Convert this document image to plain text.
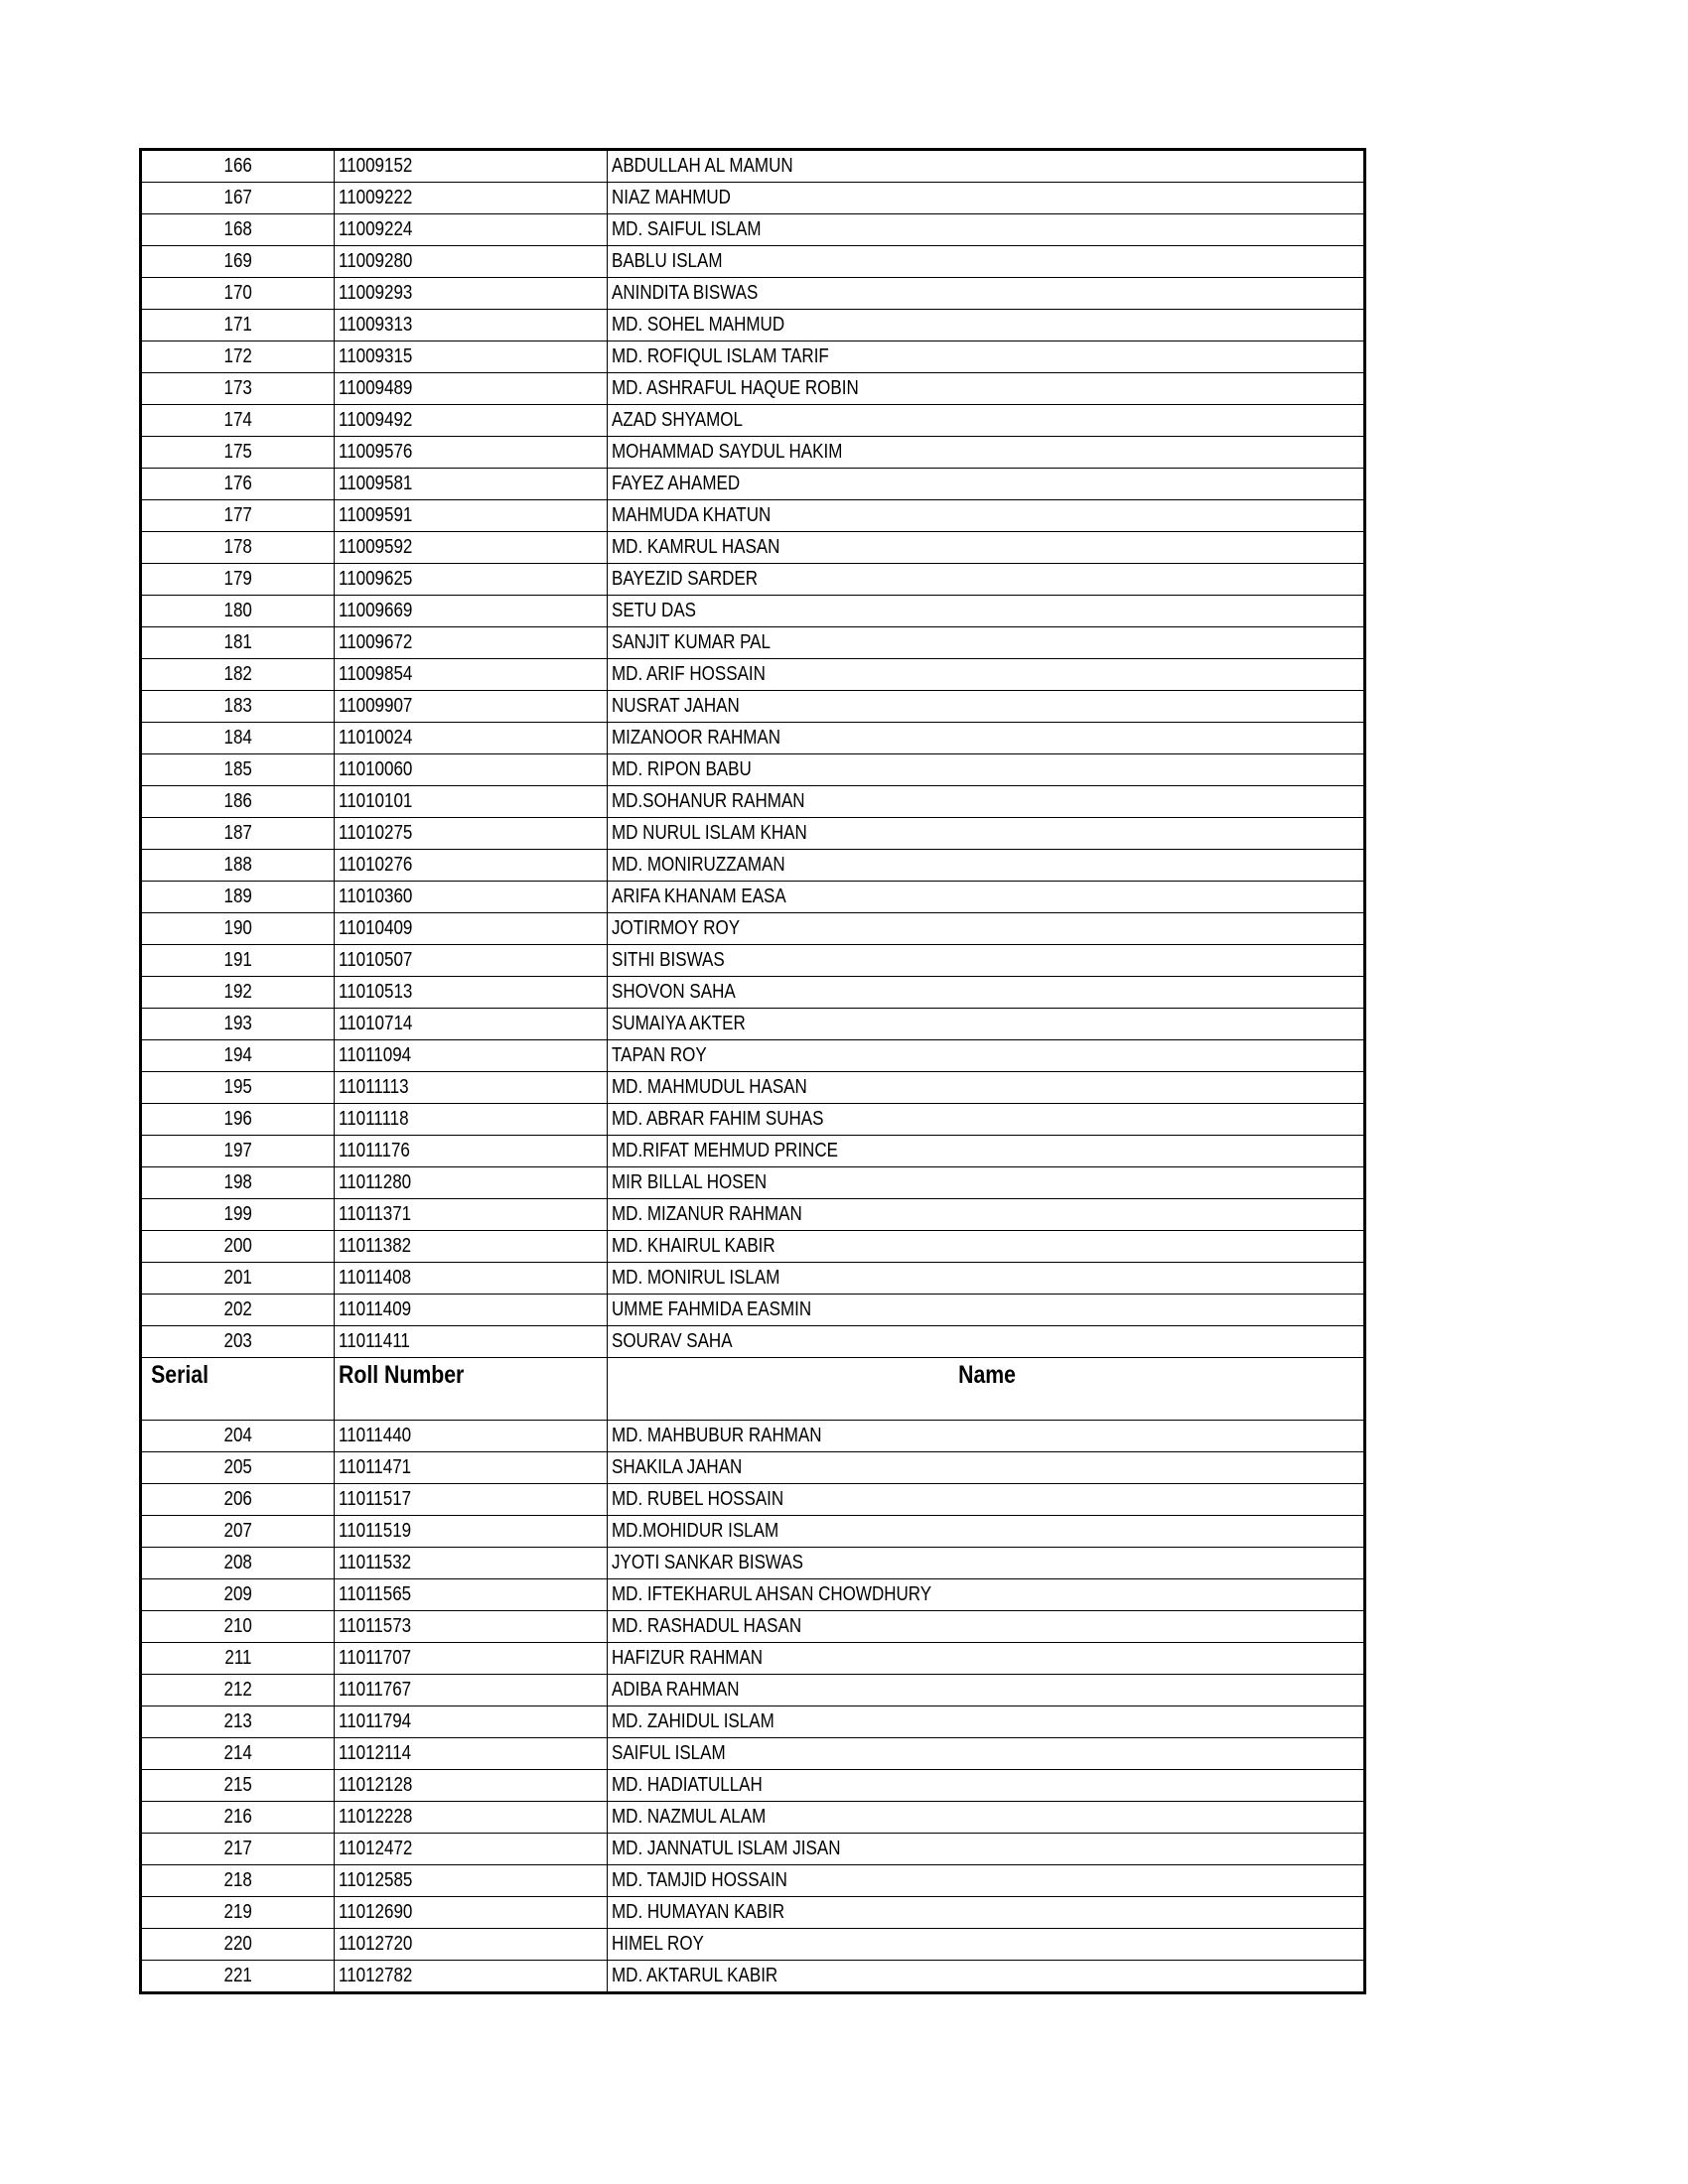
166	11009152	ABDULLAH AL MAMUN
167	11009222	NIAZ MAHMUD
168	11009224	MD. SAIFUL ISLAM
169	11009280	BABLU ISLAM
170	11009293	ANINDITA BISWAS
171	11009313	MD. SOHEL MAHMUD
172	11009315	MD. ROFIQUL ISLAM TARIF
173	11009489	MD. ASHRAFUL HAQUE ROBIN
174	11009492	AZAD SHYAMOL
175	11009576	MOHAMMAD SAYDUL HAKIM
176	11009581	FAYEZ AHAMED
177	11009591	MAHMUDA KHATUN
178	11009592	MD. KAMRUL HASAN
179	11009625	BAYEZID SARDER
180	11009669	SETU DAS
181	11009672	SANJIT KUMAR PAL
182	11009854	MD. ARIF HOSSAIN
183	11009907	NUSRAT JAHAN
184	11010024	MIZANOOR RAHMAN
185	11010060	MD. RIPON BABU
186	11010101	MD.SOHANUR RAHMAN
187	11010275	MD NURUL ISLAM KHAN
188	11010276	MD. MONIRUZZAMAN
189	11010360	ARIFA KHANAM EASA
190	11010409	JOTIRMOY ROY
191	11010507	SITHI BISWAS
192	11010513	SHOVON SAHA
193	11010714	SUMAIYA AKTER
194	11011094	TAPAN ROY
195	11011113	MD. MAHMUDUL HASAN
196	11011118	MD. ABRAR FAHIM SUHAS
197	11011176	MD.RIFAT MEHMUD PRINCE
198	11011280	MIR BILLAL HOSEN
199	11011371	MD. MIZANUR RAHMAN
200	11011382	MD. KHAIRUL KABIR
201	11011408	MD. MONIRUL ISLAM
202	11011409	UMME FAHMIDA EASMIN
203	11011411	SOURAV SAHA
Serial	Roll Number	Name
204	11011440	MD. MAHBUBUR RAHMAN
205	11011471	SHAKILA JAHAN
206	11011517	MD. RUBEL HOSSAIN
207	11011519	MD.MOHIDUR ISLAM
208	11011532	JYOTI SANKAR BISWAS
209	11011565	MD. IFTEKHARUL AHSAN CHOWDHURY
210	11011573	MD. RASHADUL HASAN
211	11011707	HAFIZUR RAHMAN
212	11011767	ADIBA RAHMAN
213	11011794	MD. ZAHIDUL ISLAM
214	11012114	SAIFUL ISLAM
215	11012128	MD. HADIATULLAH
216	11012228	MD. NAZMUL ALAM
217	11012472	MD. JANNATUL ISLAM JISAN
218	11012585	MD. TAMJID HOSSAIN
219	11012690	MD. HUMAYAN KABIR
220	11012720	HIMEL ROY
221	11012782	MD. AKTARUL KABIR
